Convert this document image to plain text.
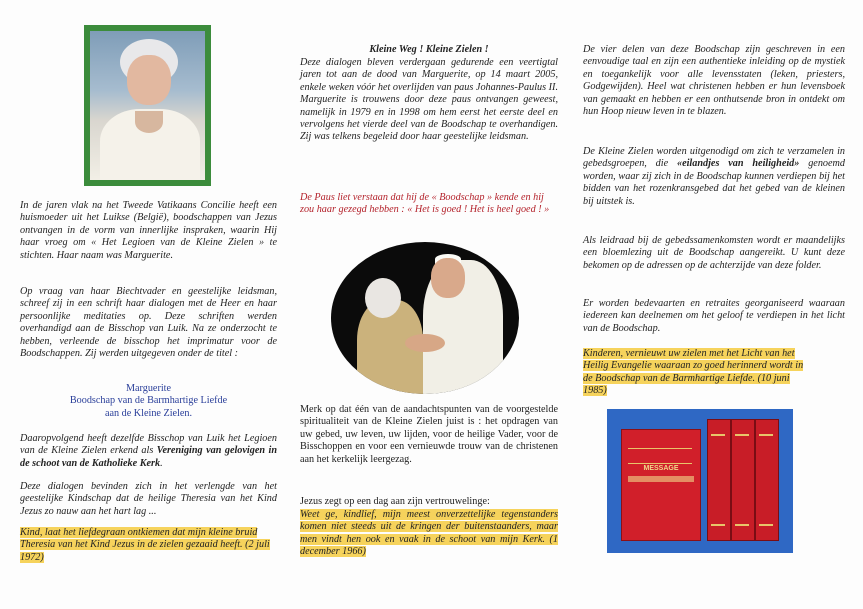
In de jaren vlak na het Tweede Vatikaans Concilie heeft een huismoeder uit het Luikse (België), boodschappen van Jezus ontvangen in de vorm van innerlijke inspraken, waarin Hij haar vroeg om « Het Legioen van de Kleine Zielen » te stichten. Haar naam was Marguerite.

Op vraag van haar Biechtvader en geestelijke leidsman, schreef zij in een schrift haar dialogen met de Heer en haar persoonlijke meditaties op. Deze schriften werden overhandigd aan de Bisschop van Luik. Na ze onderzocht te hebben, verleende de bisschop het imprimatur voor de Boodschappen. Zij werden uitgegeven onder de titel :

Marguerite
Boodschap van de Barmhartige Liefde
aan de Kleine Zielen.

Daaropvolgend heeft dezelfde Bisschop van Luik het Legioen van de Kleine Zielen erkend als Vereniging van gelovigen in de schoot van de Katholieke Kerk.

Deze dialogen bevinden zich in het verlengde van het geestelijke Kindschap dat de heilige Theresia van het Kind Jezus zo nauw aan het hart lag ...

Kind, laat het liefdegraan ontkiemen dat mijn kleine bruid Theresia van het Kind Jezus in de zielen gezaaid heeft. (2 juli 1972)

Kleine Weg ! Kleine Zielen !

Deze dialogen bleven verdergaan gedurende een veertigtal jaren tot aan de dood van Marguerite, op 14 maart 2005, enkele weken vóór het overlijden van paus Johannes-Paulus II. Marguerite is trouwens door deze paus ontvangen geweest, namelijk in 1979 en in 1998 om hem eerst het eerste deel en vervolgens het vierde deel van de Boodschap te overhandigen. Zij was telkens begeleid door haar geestelijke leidsman.

De Paus liet verstaan dat hij de « Boodschap » kende en hij zou haar gezegd hebben : « Het is goed ! Het is heel goed ! »

Merk op dat één van de aandachtspunten van de voorgestelde spiritualiteit van de Kleine Zielen juist is : het opdragen van uw gebed, uw leven, uw lijden, voor de heilige Vader, voor de Bisschoppen en voor een vernieuwde trouw van de christenen aan het kerkelijk leergezag.

Jezus zegt op een dag aan zijn vertrouwelinge:

Weet ge, kindlief, mijn meest onverzettelijke tegenstanders komen niet steeds uit de kringen der buitenstaanders, maar men vindt hen ook en vaak in de schoot van mijn Kerk. (1 december 1966)

De vier delen van deze Boodschap zijn geschreven in een eenvoudige taal en zijn een authentieke inleiding op de mystiek en toegankelijk voor alle levensstaten (leken, priesters, Godgewijden). Heel wat christenen hebben er hun levensboek van gemaakt en hebben er een onthutsende bron in ontdekt om hun Hoop nieuw leven in te blazen.

De Kleine Zielen worden uitgenodigd om zich te verzamelen in gebedsgroepen, die «eilandjes van heiligheid» genoemd worden, waar zij zich in de Boodschap kunnen verdiepen bij het bidden van het rozenkransgebed dat het gebed van de kleinen bij uitstek is.

Als leidraad bij de gebedssamenkomsten wordt er maandelijks een bloemlezing uit de Boodschap aangereikt. U kunt deze bekomen op de adressen op de achterzijde van deze folder.

Er worden bedevaarten en retraites georganiseerd waaraan iedereen kan deelnemen om het geloof te verdiepen in het licht van de Boodschap.

Kinderen, vernieuwt uw zielen met het Licht van het Heilig Evangelie waaraan zo goed herinnerd wordt in de Boodschap van de Barmhartige Liefde. (10 juni 1985)

MESSAGE
